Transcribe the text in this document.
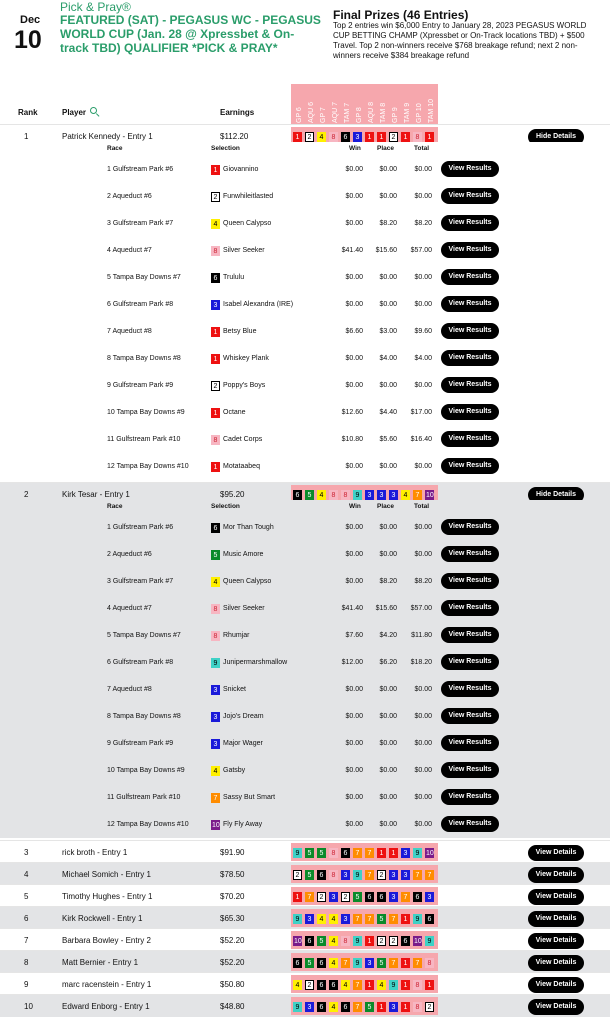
Dec
10
Pick & Pray®
FEATURED (SAT) - PEGASUS WC - PEGASUS WORLD CUP (Jan. 28 @ Xpressbet & On-track TBD) QUALIFIER *PICK & PRAY*
Final Prizes (46 Entries)
Top 2 entries win $6,000 Entry to January 28, 2023 PEGASUS WORLD CUP BETTING CHAMP (Xpressbet or On-Track locations TBD) + $500 Travel. Top 2 non-winners receive $768 breakage refund; next 2 non-winners receive $384 breakage refund
Rank	Player	Earnings	GP 6 AQU 6 GP 7 AQU 7 TAM 7 GP 8 AQU 8 TAM 8 GP 9 TAM 9 GP 10 TAM 10
1	Patrick Kennedy - Entry 1	$112.20	1	2	4	8	6	3	1	1	2	1	8	1	Hide Details
Race	Selection	Win Place	Total
1 Gulfstream Park #6	1 Giovannino	$0.00 $0.00 $0.00	View Results
2 Aqueduct #6	2 Funwhileitlasted	$0.00 $0.00 $0.00	View Results
3 Gulfstream Park #7	4 Queen Calypso	$0.00 $8.20 $8.20	View Results
4 Aqueduct #7	8 Silver Seeker	$41.40 $15.60 $57.00	View Results
5 Tampa Bay Downs #7	6 Trululu	$0.00 $0.00 $0.00	View Results
6 Gulfstream Park #8	3 Isabel Alexandra (IRE)	$0.00 $0.00 $0.00	View Results
7 Aqueduct #8	1 Betsy Blue	$6.60 $3.00 $9.60	View Results
8 Tampa Bay Downs #8	1 Whiskey Plank	$0.00 $4.00 $4.00	View Results
9 Gulfstream Park #9	2 Poppy's Boys	$0.00 $0.00 $0.00	View Results
10 Tampa Bay Downs #9	1 Octane	$12.60 $4.40 $17.00	View Results
11 Gulfstream Park #10	8 Cadet Corps	$10.80 $5.60 $16.40	View Results
12 Tampa Bay Downs #10	1 Motataabeq	$0.00 $0.00 $0.00	View Results
2	Kirk Tesar - Entry 1	$95.20	6	5	4	8	8	9	3	3	3	4	7 10	Hide Details
Race	Selection	Win Place	Total
1 Gulfstream Park #6	6 Mor Than Tough	$0.00 $0.00 $0.00	View Results
2 Aqueduct #6	5 Music Amore	$0.00 $0.00 $0.00	View Results
3 Gulfstream Park #7	4 Queen Calypso	$0.00 $8.20 $8.20	View Results
4 Aqueduct #7	8 Silver Seeker	$41.40 $15.60 $57.00	View Results
5 Tampa Bay Downs #7	8 Rhumjar	$7.60 $4.20 $11.80	View Results
6 Gulfstream Park #8	9 Junipermarshmallow	$12.00 $6.20 $18.20	View Results
7 Aqueduct #8	3 Snicket	$0.00 $0.00 $0.00	View Results
8 Tampa Bay Downs #8	3 Jojo's Dream	$0.00 $0.00 $0.00	View Results
9 Gulfstream Park #9	3 Major Wager	$0.00 $0.00 $0.00	View Results
10 Tampa Bay Downs #9	4 Gatsby	$0.00 $0.00 $0.00	View Results
11 Gulfstream Park #10	7 Sassy But Smart	$0.00 $0.00 $0.00	View Results
12 Tampa Bay Downs #10	10 Fly Fly Away	$0.00 $0.00 $0.00	View Results
3	rick broth - Entry 1	$91.90	9	5	5	8	6	7	7	1	1	3	9 10	View Details
4	Michael Somich - Entry 1	$78.50	2	5	6	8	3	9	7	2	3	3	7	7	View Details
5	Timothy Hughes - Entry 1	$70.20	1	7	2	3	2	5	6	6	3	7	6	3	View Details
6	Kirk Rockwell - Entry 1	$65.30	9	3	4	4	3	7	7	5	7	1	9	6	View Details
7	Barbara Bowley - Entry 2	$52.20	10 6	5	4	8	9	1	2	2	6 10 9	View Details
8	Matt Bernier - Entry 1	$52.20	6	5	6	4	7	9	3	5	7	1	7	8	View Details
9	marc racenstein - Entry 1	$50.80	4	2	6	6	4	7	1	4	9	1	8	1	View Details
10	Edward Enborg - Entry 1	$48.80	9	3	6	4	6	7	5	1	3	1	8	2	View Details
